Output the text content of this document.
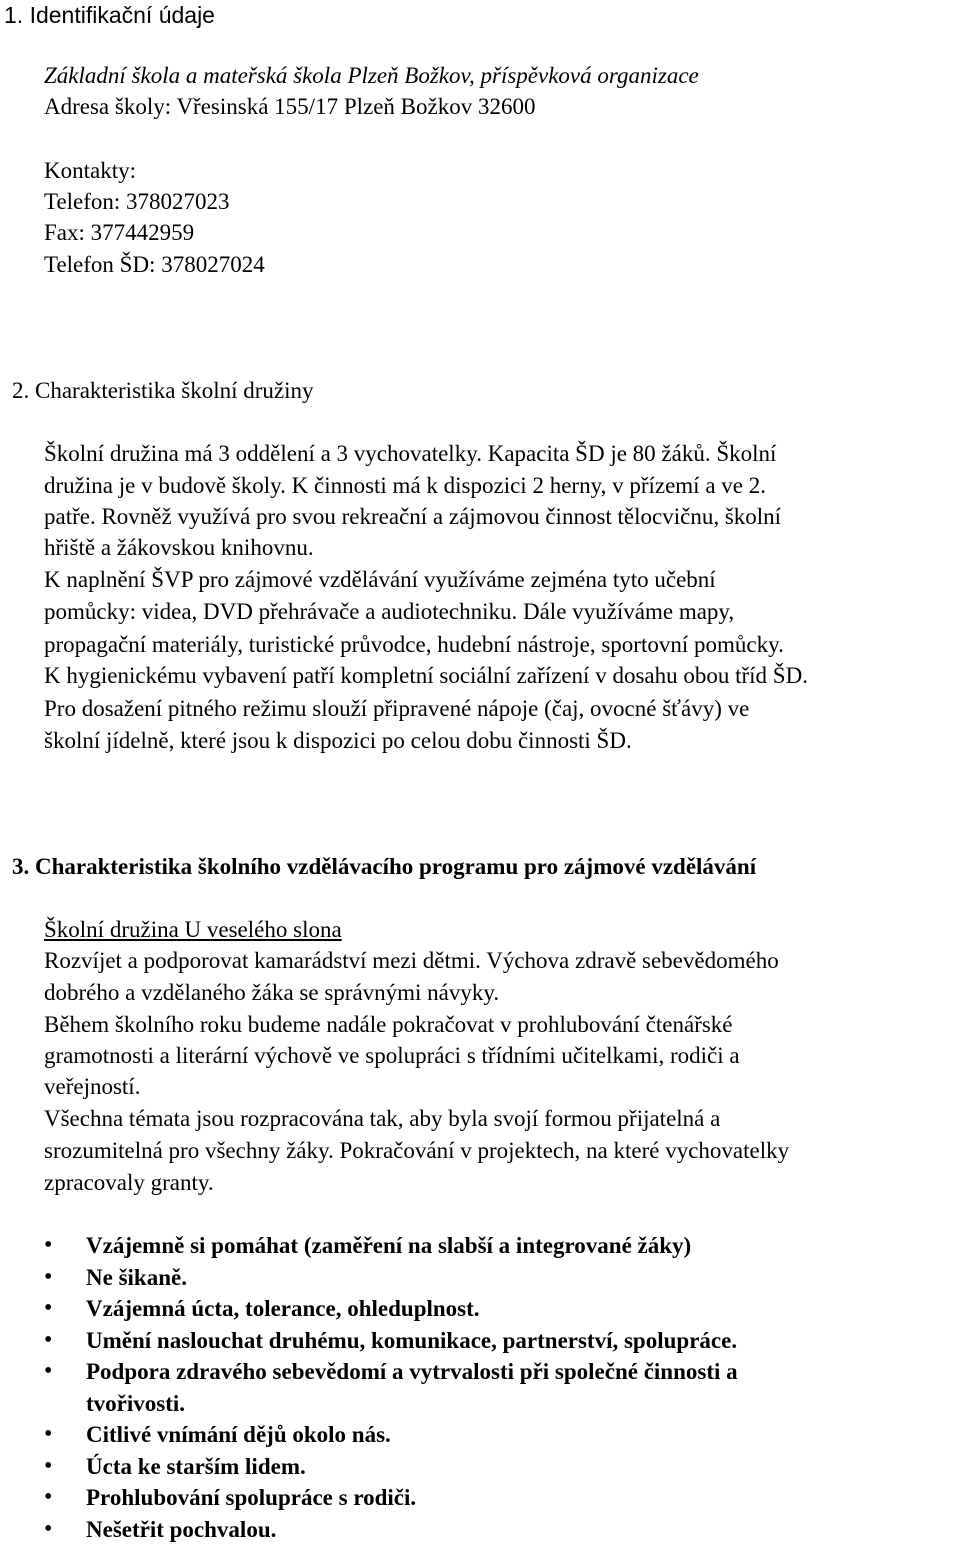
1. Identifikační údaje
Základní škola a mateřská škola Plzeň Božkov, příspěvková organizace
Adresa školy: Vřesinská 155/17 Plzeň Božkov 32600
Kontakty:
Telefon: 378027023
Fax: 377442959
Telefon ŠD: 378027024
2. Charakteristika školní družiny
Školní družina má 3 oddělení a 3 vychovatelky. Kapacita ŠD je 80 žáků. Školní
družina je v budově školy. K činnosti má k dispozici 2 herny, v přízemí a ve 2.
patře. Rovněž využívá pro svou rekreační a zájmovou činnost tělocvičnu, školní
hřiště a žákovskou knihovnu.
K naplnění ŠVP pro zájmové vzdělávání využíváme zejména tyto učební
pomůcky: videa, DVD přehrávače a audiotechniku. Dále využíváme mapy,
propagační materiály, turistické průvodce, hudební nástroje, sportovní pomůcky.
K hygienickému vybavení patří kompletní sociální zařízení v dosahu obou tříd ŠD.
Pro dosažení pitného režimu slouží připravené nápoje (čaj, ovocné šťávy) ve
školní jídelně, které jsou k dispozici po celou dobu činnosti ŠD.
3. Charakteristika školního vzdělávacího programu pro zájmové vzdělávání
Školní družina U veselého slona
Rozvíjet a podporovat kamarádství mezi dětmi. Výchova zdravě sebevědomého
dobrého a vzdělaného žáka se správnými návyky.
Během školního roku budeme nadále pokračovat v prohlubování čtenářské
gramotnosti a literární výchově ve spolupráci s třídními učitelkami, rodiči a
veřejností.
Všechna témata jsou rozpracována tak, aby byla svojí formou přijatelná a
srozumitelná pro všechny žáky. Pokračování v projektech, na které vychovatelky
zpracovaly granty.
• Vzájemně si pomáhat (zaměření na slabší a integrované žáky)
• Ne šikaně.
• Vzájemná úcta, tolerance, ohleduplnost.
• Umění naslouchat druhému, komunikace, partnerství, spolupráce.
• Podpora zdravého sebevědomí a vytrvalosti při společné činnosti a
tvořivosti.
• Citlivé vnímání dějů okolo nás.
• Úcta ke starším lidem.
• Prohlubování spolupráce s rodiči.
• Nešetřit pochvalou.
